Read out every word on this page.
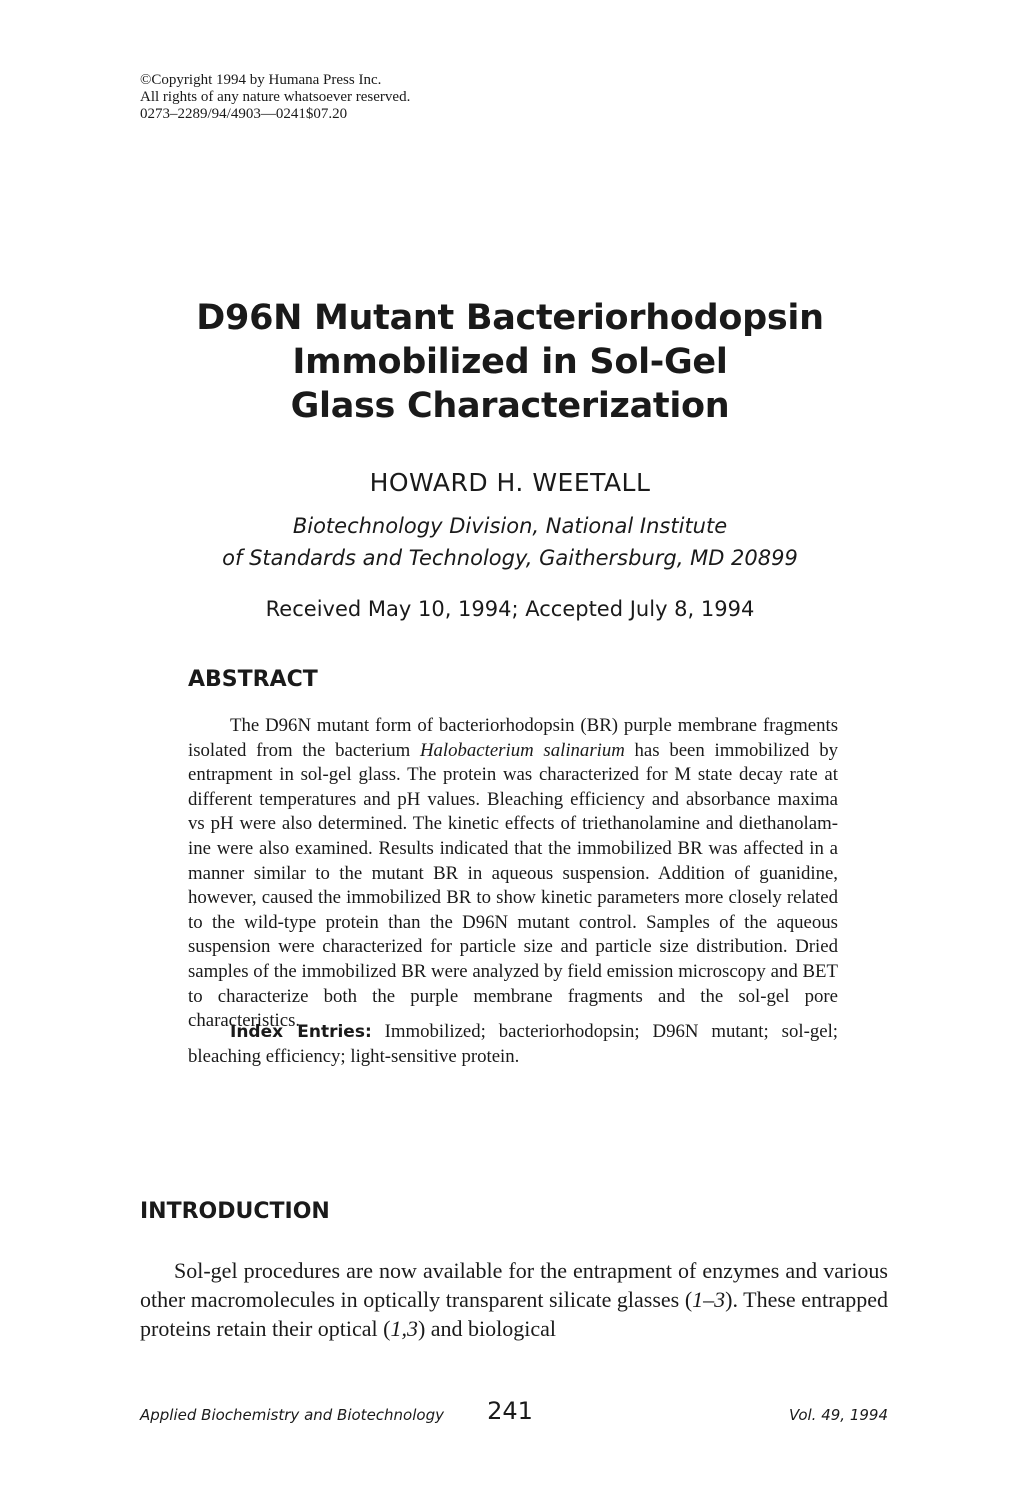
©Copyright 1994 by Humana Press Inc.
All rights of any nature whatsoever reserved.
0273–2289/94/4903—0241$07.20
D96N Mutant Bacteriorhodopsin
Immobilized in Sol-Gel
Glass Characterization
HOWARD H. WEETALL
Biotechnology Division, National Institute
of Standards and Technology, Gaithersburg, MD 20899
Received May 10, 1994; Accepted July 8, 1994
ABSTRACT

The D96N mutant form of bacteriorhodopsin (BR) purple membrane fragments isolated from the bacterium Halobacterium salinarium has been immobilized by entrapment in sol-gel glass. The protein was characterized for M state decay rate at different temperatures and pH values. Bleaching efficiency and absorbance maxima vs pH were also determined. The kinetic effects of triethanolamine and diethanolamine were also examined. Results indicated that the immobilized BR was affected in a manner similar to the mutant BR in aqueous suspension. Addition of guanidine, however, caused the immobilized BR to show kinetic parameters more closely related to the wild-type protein than the D96N mutant control. Samples of the aqueous suspension were characterized for particle size and particle size distribution. Dried samples of the immobilized BR were analyzed by field emission microscopy and BET to characterize both the purple membrane fragments and the sol-gel pore characteristics.

Index Entries: Immobilized; bacteriorhodopsin; D96N mutant; sol-gel; bleaching efficiency; light-sensitive protein.

INTRODUCTION

Sol-gel procedures are now available for the entrapment of enzymes and various other macromolecules in optically transparent silicate glasses (1–3). These entrapped proteins retain their optical (1,3) and biological

Applied Biochemistry and Biotechnology 241	Vol. 49, 1994
